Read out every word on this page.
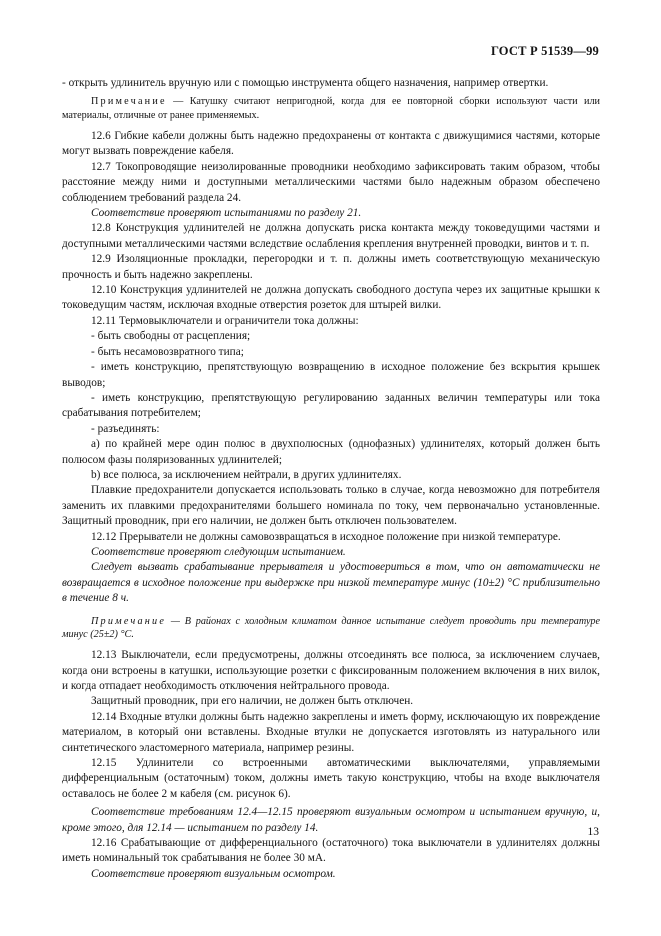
ГОСТ Р 51539—99

- открыть удлинитель вручную или с помощью инструмента общего назначения, например отвертки.

Примечание — Катушку считают непригодной, когда для ее повторной сборки используют части или материалы, отличные от ранее применяемых.

12.6 Гибкие кабели должны быть надежно предохранены от контакта с движущимися частями, которые могут вызвать повреждение кабеля.

12.7 Токопроводящие неизолированные проводники необходимо зафиксировать таким образом, чтобы расстояние между ними и доступными металлическими частями было надежным образом обеспечено соблюдением требований раздела 24.

Соответствие проверяют испытаниями по разделу 21.

12.8 Конструкция удлинителей не должна допускать риска контакта между токоведущими частями и доступными металлическими частями вследствие ослабления крепления внутренней проводки, винтов и т. п.

12.9 Изоляционные прокладки, перегородки и т. п. должны иметь соответствующую механическую прочность и быть надежно закреплены.

12.10 Конструкция удлинителей не должна допускать свободного доступа через их защитные крышки к токоведущим частям, исключая входные отверстия розеток для штырей вилки.

12.11 Термовыключатели и ограничители тока должны:

- быть свободны от расцепления;

- быть несамовозвратного типа;

- иметь конструкцию, препятствующую возвращению в исходное положение без вскрытия крышек выводов;

- иметь конструкцию, препятствующую регулированию заданных величин температуры или тока срабатывания потребителем;

- разъединять:

a) по крайней мере один полюс в двухполюсных (однофазных) удлинителях, который должен быть полюсом фазы поляризованных удлинителей;

b) все полюса, за исключением нейтрали, в других удлинителях.

Плавкие предохранители допускается использовать только в случае, когда невозможно для потребителя заменить их плавкими предохранителями большего номинала по току, чем первоначально установленные. Защитный проводник, при его наличии, не должен быть отключен пользователем.

12.12 Прерыватели не должны самовозвращаться в исходное положение при низкой температуре.

Соответствие проверяют следующим испытанием.

Следует вызвать срабатывание прерывателя и удостовериться в том, что он автоматически не возвращается в исходное положение при выдержке при низкой температуре минус (10±2) °С приблизительно в течение 8 ч.

Примечание — В районах с холодным климатом данное испытание следует проводить при температуре минус (25±2) °С.

12.13 Выключатели, если предусмотрены, должны отсоединять все полюса, за исключением случаев, когда они встроены в катушки, использующие розетки с фиксированным положением включения в них вилок, и когда отпадает необходимость отключения нейтрального провода.

Защитный проводник, при его наличии, не должен быть отключен.

12.14 Входные втулки должны быть надежно закреплены и иметь форму, исключающую их повреждение материалом, в который они вставлены. Входные втулки не допускается изготовлять из натурального или синтетического эластомерного материала, например резины.

12.15 Удлинители со встроенными автоматическими выключателями, управляемыми дифференциальным (остаточным) током, должны иметь такую конструкцию, чтобы на входе выключателя оставалось не более 2 м кабеля (см. рисунок 6).

Соответствие требованиям 12.4—12.15 проверяют визуальным осмотром и испытанием вручную, и, кроме этого, для 12.14 — испытанием по разделу 14.

12.16 Срабатывающие от дифференциального (остаточного) тока выключатели в удлинителях должны иметь номинальный ток срабатывания не более 30 мА.

Соответствие проверяют визуальным осмотром.

13
